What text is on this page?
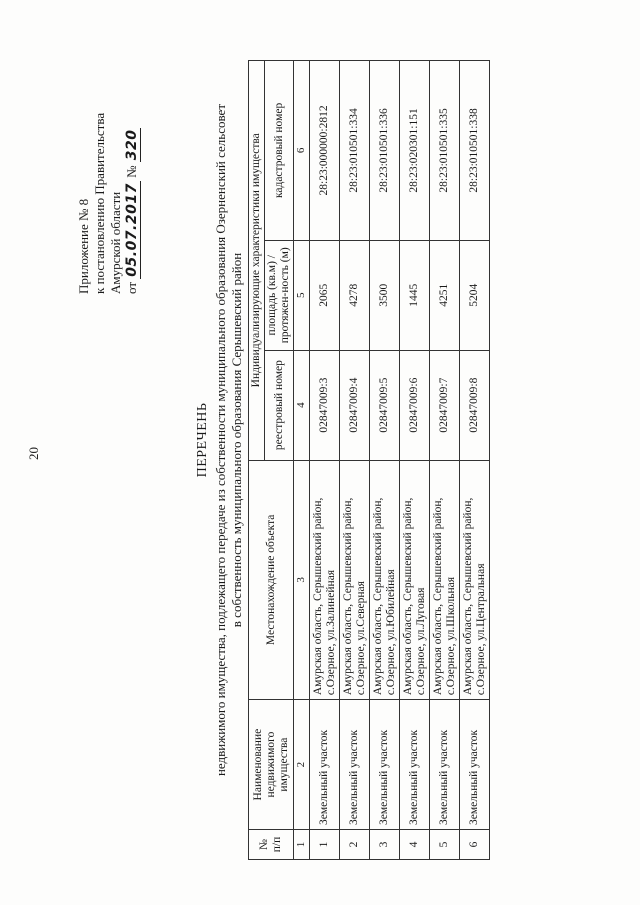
20
Приложение № 8 к постановлению Правительства Амурской области от 05.07.2017 № 320
ПЕРЕЧЕНЬ недвижимого имущества, подлежащего передаче из собственности муниципального образования Озерненский сельсовет в собственность муниципального образования Серышевский район
№ п/п	Наименование недвижимого имущества	Местонахождение объекта	Индивидуализирующие характеристики имущества		
			реестровый номер	площадь (кв.м) / протяжен-ность (м)	кадастровый номер
1	2	3	4	5	6
1	Земельный участок	Амурская область, Серышевский район, с.Озерное, ул.Залинейная	02847009:3	2065	28:23:000000:2812
2	Земельный участок	Амурская область, Серышевский район, с.Озерное, ул.Северная	02847009:4	4278	28:23:010501:334
3	Земельный участок	Амурская область, Серышевский район, с.Озерное, ул.Юбилейная	02847009:5	3500	28:23:010501:336
4	Земельный участок	Амурская область, Серышевский район, с.Озерное, ул.Луговая	02847009:6	1445	28:23:020301:151
5	Земельный участок	Амурская область, Серышевский район, с.Озерное, ул.Школьная	02847009:7	4251	28:23:010501:335
6	Земельный участок	Амурская область, Серышевский район, с.Озерное, ул.Центральная	02847009:8	5204	28:23:010501:338
